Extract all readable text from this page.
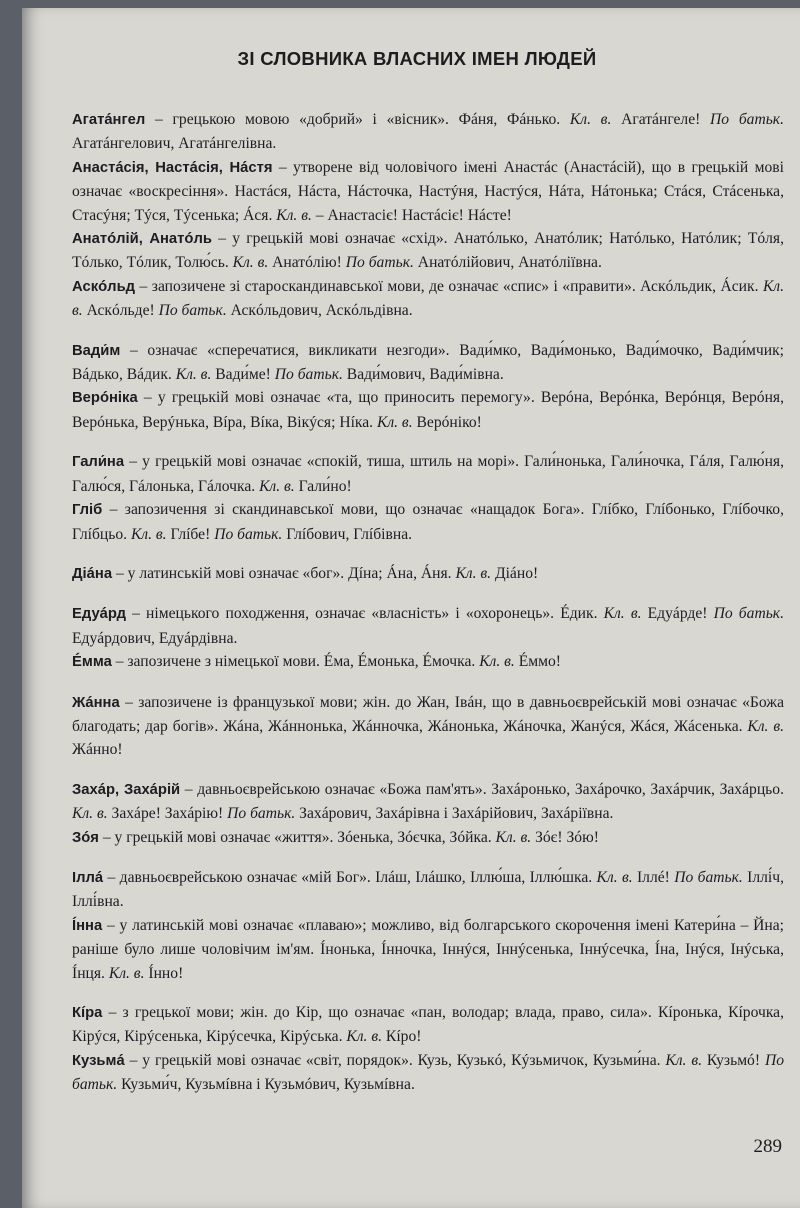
ЗІ СЛОВНИКА ВЛАСНИХ ІМЕН ЛЮДЕЙ

Агатáнгел – грецькою мовою «добрий» і «вісник». Фáня, Фáнько. Кл. в. Агатáнгеле! По батьк. Агатáнгелович, Агатáнгелівна.

Анастáсія, Настáсія, Нáстя – утворене від чоловічого імені Анастáс (Анастáсій), що в грецькій мові означає «воскресіння». Настáся, Нáста, Нáсточка, Настýня, Настýся, Нáта, Нáтонька; Стáся, Стáсенька, Стасýня; Тýся, Тýсенька; Áся. Кл. в. – Анастасіє! Настáсіє! Нáсте!

Анатóлій, Анатóль – у грецькій мові означає «схід». Анатóлько, Анатóлик; Натóлько, Натóлик; Тóля, Тóлько, Тóлик, Толю́сь. Кл. в. Анатóлію! По батьк. Анатóлійович, Анатóліївна.

Аскóльд – запозичене зі староскандинавської мови, де означає «спис» і «правити». Аскóльдик, Áсик. Кл. в. Аскóльде! По батьк. Аскóльдович, Аскóльдівна.

Вади́м – означає «сперечатися, викликати незгоди». Вади́мко, Вади́монько, Вади́мочко, Вади́мчик; Вáдько, Вáдик. Кл. в. Вади́ме! По батьк. Вади́мович, Вади́мівна.

Верóніка – у грецькій мові означає «та, що приносить перемогу». Верóна, Верóнка, Верóнця, Верóня, Верóнька, Верýнька, Вíра, Вíка, Вікýся; Нíка. Кл. в. Верóніко!

Гали́на – у грецькій мові означає «спокій, тиша, штиль на морі». Гали́нонька, Гали́ночка, Гáля, Галю́ня, Галю́ся, Гáлонька, Гáлочка. Кл. в. Гали́но!

Гліб – запозичення зі скандинавської мови, що означає «нащадок Бога». Глíбко, Глíбонько, Глíбочко, Глíбцьо. Кл. в. Глíбе! По батьк. Глíбович, Глíбівна.

Діáна – у латинській мові означає «бог». Дíна; Áна, Áня. Кл. в. Діáно!

Едуáрд – німецького походження, означає «власність» і «охоронець». Éдик. Кл. в. Едуáрде! По батьк. Едуáрдович, Едуáрдівна.

Éмма – запозичене з німецької мови. Éма, Éмонька, Éмочка. Кл. в. Éммо!

Жáнна – запозичене із французької мови; жін. до Жан, Івáн, що в давньоєврейській мові означає «Божа благодать; дар богів». Жáна, Жáннонька, Жáнночка, Жáнонька, Жáночка, Жанýся, Жáся, Жáсенька. Кл. в. Жáнно!

Захáр, Захáрій – давньоєврейською означає «Божа пам'ять». Захáронько, Захáрочко, Захáрчик, Захáрцьо. Кл. в. Захáре! Захáрію! По батьк. Захáрович, Захáрівна і Захáрійович, Захáріївна.

Зóя – у грецькій мові означає «життя». Зóенька, Зóєчка, Зóйка. Кл. в. Зóє! Зóю!

Іллá – давньоєврейською означає «мій Бог». Ілáш, Ілáшко, Іллю́ша, Іллю́шка. Кл. в. Іллé! По батьк. Іллі́ч, Іллі́вна.

Íнна – у латинській мові означає «плаваю»; можливо, від болгарського скорочення імені Катери́на – Йна; раніше було лише чоловічим ім'ям. Íнонька, Íнночка, Іннýся, Іннýсенька, Іннýсечка, Íна, Інýся, Інýська, Íнця. Кл. в. Íнно!

Кíра – з грецької мови; жін. до Кір, що означає «пан, володар; влада, право, сила». Кíронька, Кíрочка, Кірýся, Кірýсенька, Кірýсечка, Кірýська. Кл. в. Кíро!

Кузьмá – у грецькій мові означає «світ, порядок». Кузь, Кузькó, Кýзьмичок, Кузьми́на. Кл. в. Кузьмó! По батьк. Кузьми́ч, Кузьмíвна і Кузьмóвич, Кузьмíвна.

289
